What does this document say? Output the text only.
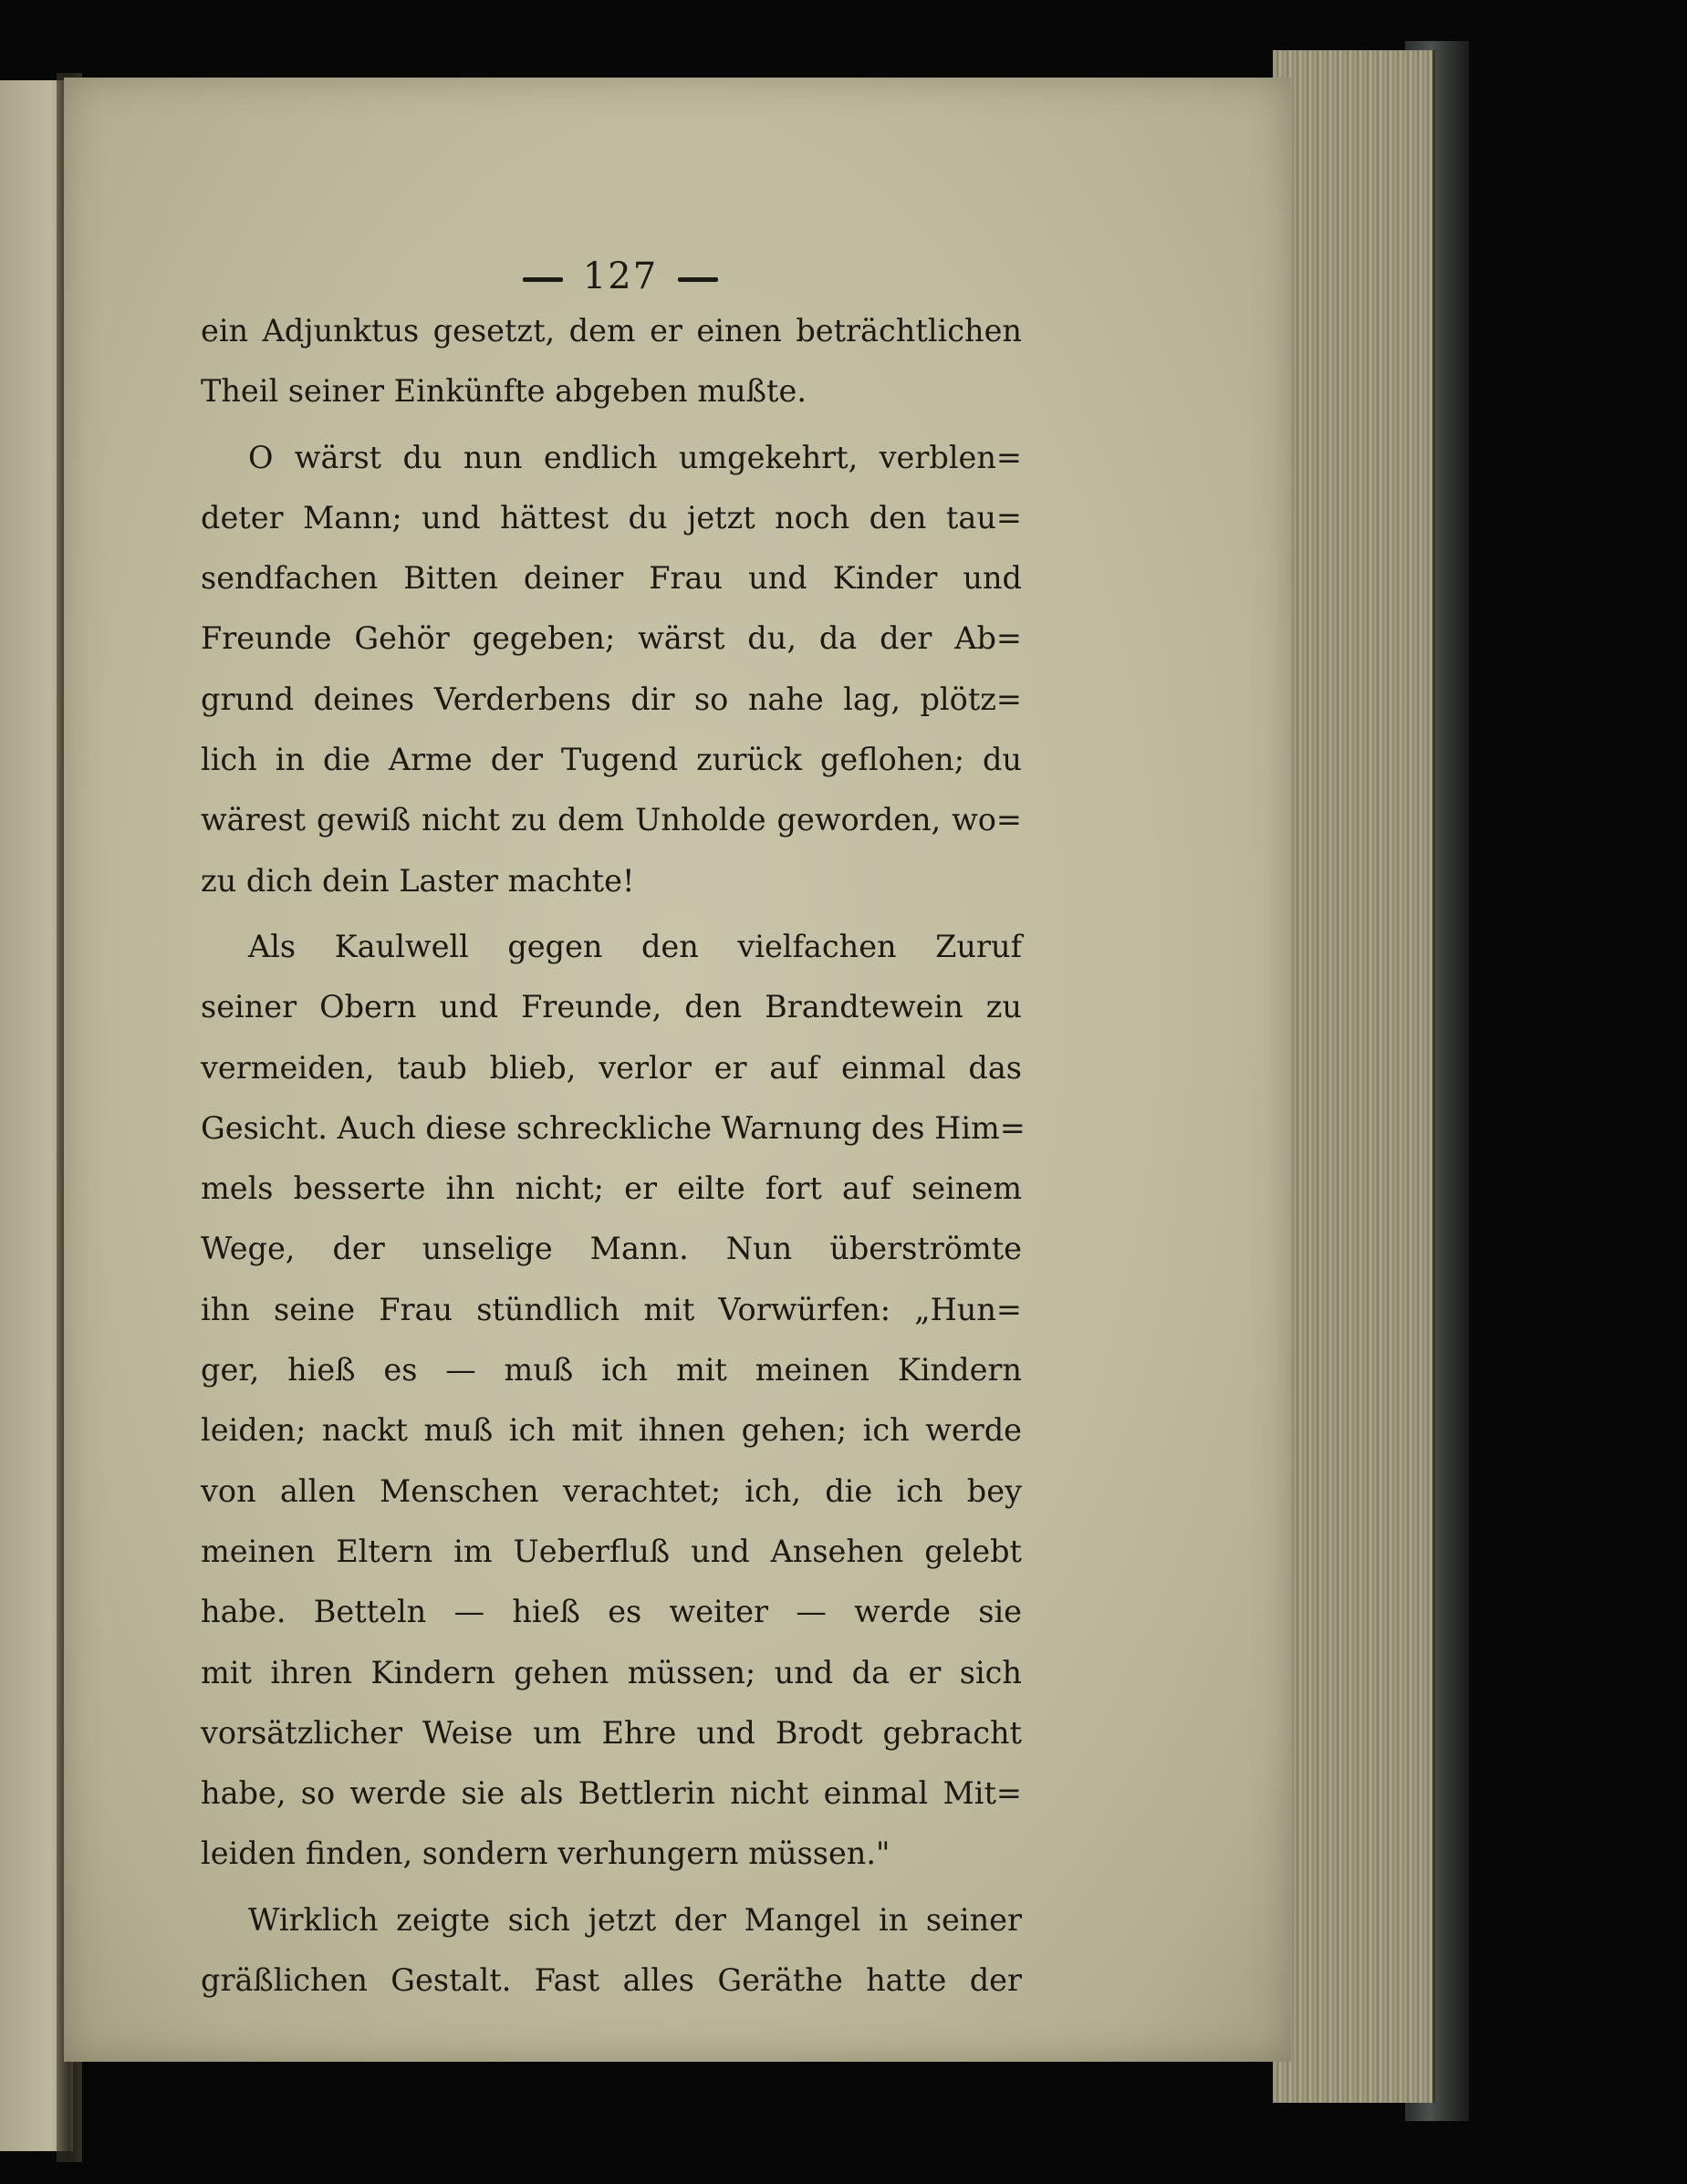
127
ein Adjunktus gesetzt, dem er einen beträchtlichen
Theil seiner Einkünfte abgeben mußte.
O wärst du nun endlich umgekehrt, verblen=
deter Mann; und hättest du jetzt noch den tau=
sendfachen Bitten deiner Frau und Kinder und
Freunde Gehör gegeben; wärst du, da der Ab=
grund deines Verderbens dir so nahe lag, plötz=
lich in die Arme der Tugend zurück geflohen; du
wärest gewiß nicht zu dem Unholde geworden, wo=
zu dich dein Laster machte!
Als Kaulwell gegen den vielfachen Zuruf
seiner Obern und Freunde, den Brandtewein zu
vermeiden, taub blieb, verlor er auf einmal das
Gesicht. Auch diese schreckliche Warnung des Him=
mels besserte ihn nicht; er eilte fort auf seinem
Wege, der unselige Mann. Nun überströmte
ihn seine Frau stündlich mit Vorwürfen: „Hun=
ger, hieß es — muß ich mit meinen Kindern
leiden; nackt muß ich mit ihnen gehen; ich werde
von allen Menschen verachtet; ich, die ich bey
meinen Eltern im Ueberfluß und Ansehen gelebt
habe. Betteln — hieß es weiter — werde sie
mit ihren Kindern gehen müssen; und da er sich
vorsätzlicher Weise um Ehre und Brodt gebracht
habe, so werde sie als Bettlerin nicht einmal Mit=
leiden finden, sondern verhungern müssen."
Wirklich zeigte sich jetzt der Mangel in seiner
gräßlichen Gestalt. Fast alles Geräthe hatte der
